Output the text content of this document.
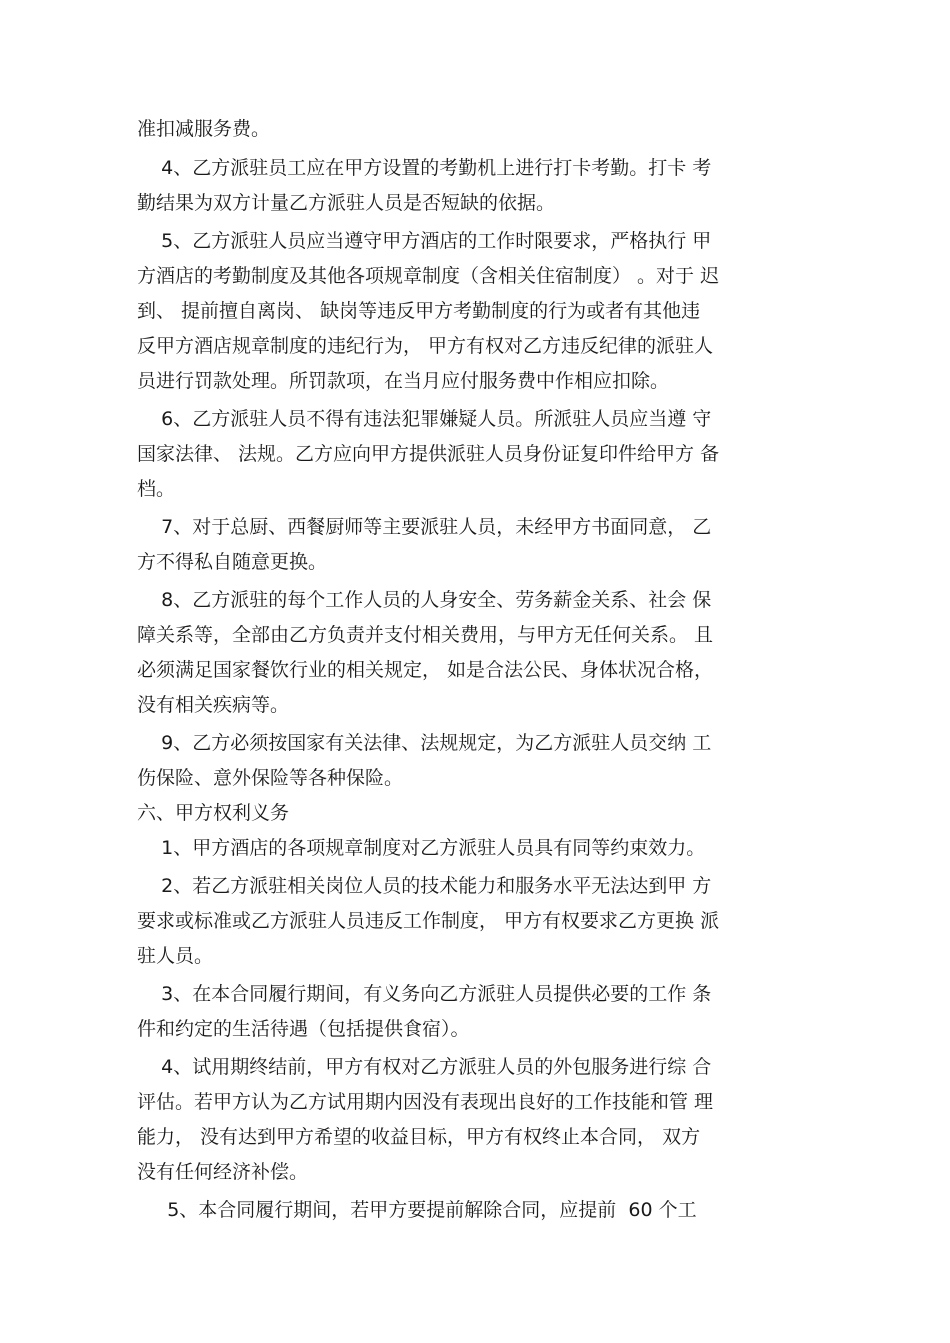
准扣减服务费。
4、乙方派驻员工应在甲方设置的考勤机上进行打卡考勤。打卡 考
勤结果为双方计量乙方派驻人员是否短缺的依据。
5、乙方派驻人员应当遵守甲方酒店的工作时限要求，严格执行 甲
方酒店的考勤制度及其他各项规章制度（含相关住宿制度） 。对于 迟
到、 提前擅自离岗、 缺岗等违反甲方考勤制度的行为或者有其他违
反甲方酒店规章制度的违纪行为， 甲方有权对乙方违反纪律的派驻人
员进行罚款处理。所罚款项，在当月应付服务费中作相应扣除。
6、乙方派驻人员不得有违法犯罪嫌疑人员。所派驻人员应当遵 守
国家法律、 法规。乙方应向甲方提供派驻人员身份证复印件给甲方 备
档。
7、对于总厨、西餐厨师等主要派驻人员，未经甲方书面同意， 乙
方不得私自随意更换。
8、乙方派驻的每个工作人员的人身安全、劳务薪金关系、社会 保
障关系等，全部由乙方负责并支付相关费用，与甲方无任何关系。 且
必须满足国家餐饮行业的相关规定， 如是合法公民、身体状况合格，
没有相关疾病等。
9、乙方必须按国家有关法律、法规规定，为乙方派驻人员交纳 工
伤保险、意外保险等各种保险。
六、甲方权利义务
1、甲方酒店的各项规章制度对乙方派驻人员具有同等约束效力。
2、若乙方派驻相关岗位人员的技术能力和服务水平无法达到甲 方
要求或标准或乙方派驻人员违反工作制度， 甲方有权要求乙方更换 派
驻人员。
3、在本合同履行期间，有义务向乙方派驻人员提供必要的工作 条
件和约定的生活待遇（包括提供食宿）。
4、试用期终结前，甲方有权对乙方派驻人员的外包服务进行综 合
评估。若甲方认为乙方试用期内因没有表现出良好的工作技能和管 理
能力， 没有达到甲方希望的收益目标，甲方有权终止本合同， 双方
没有任何经济补偿。
5、本合同履行期间，若甲方要提前解除合同，应提前  60 个工
